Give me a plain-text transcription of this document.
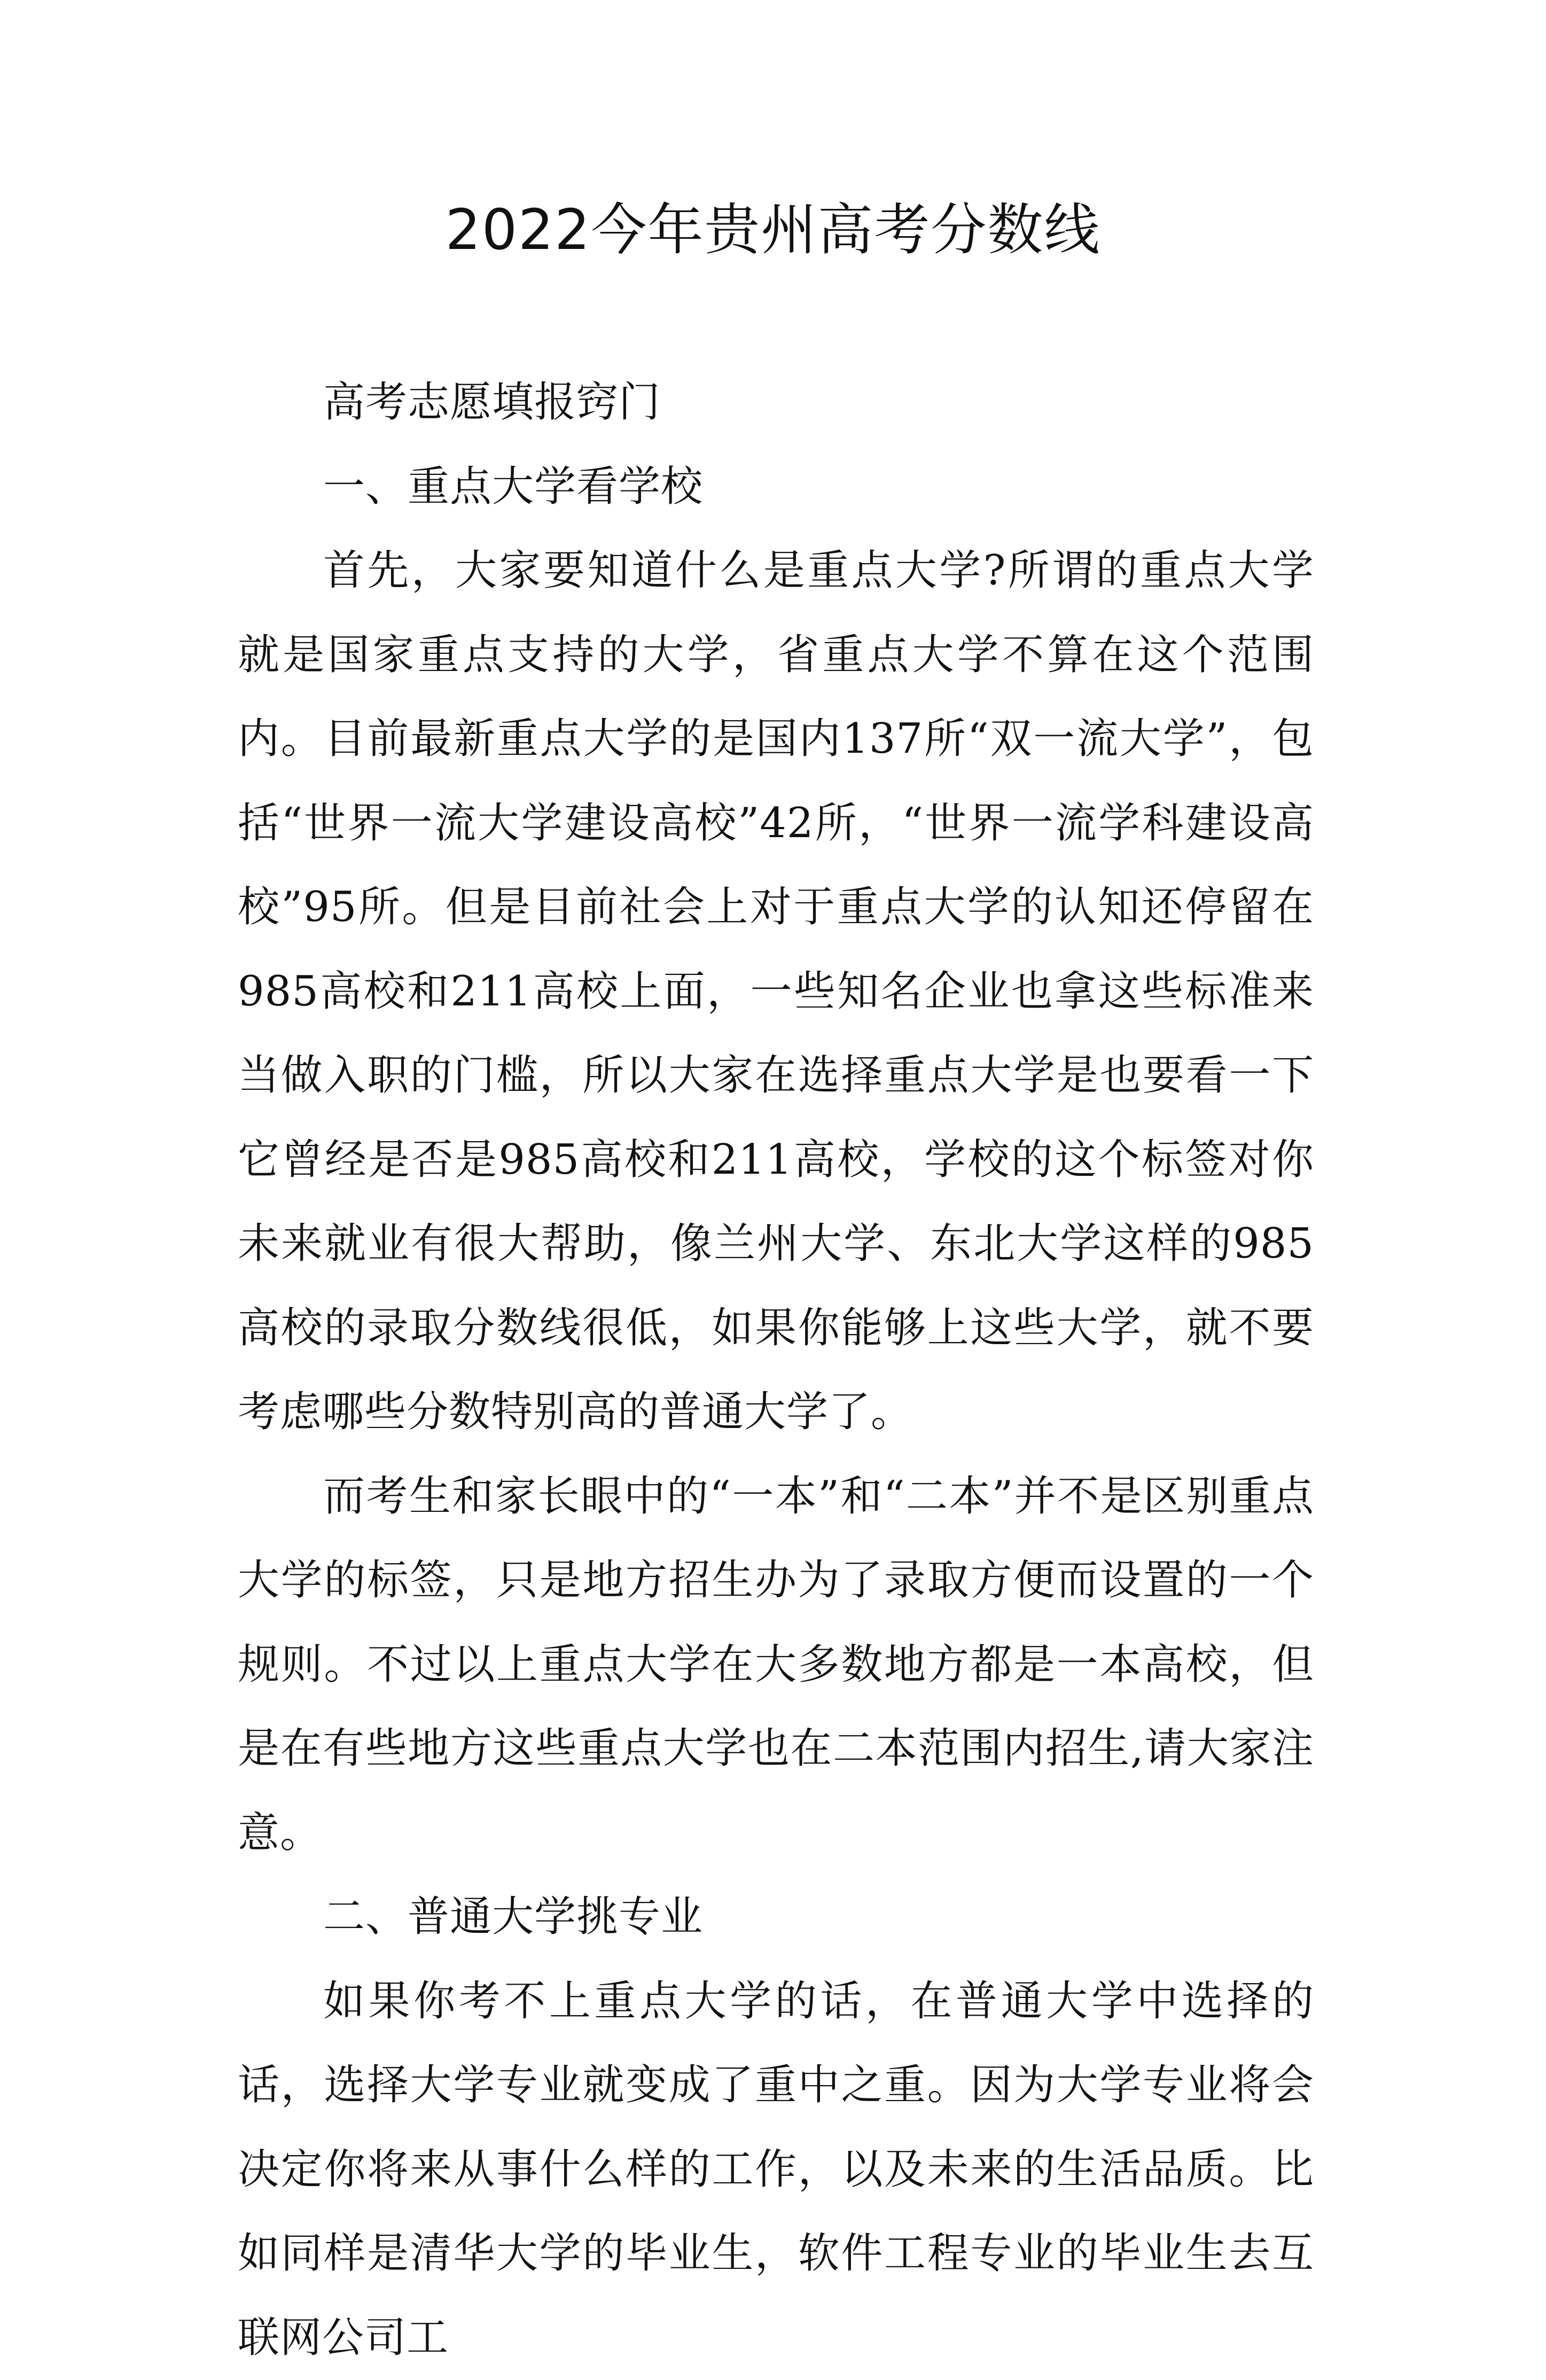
2022今年贵州高考分数线

高考志愿填报窍门

一、重点大学看学校

首先，大家要知道什么是重点大学?所谓的重点大学就是国家重点支持的大学，省重点大学不算在这个范围内。目前最新重点大学的是国内137所“双一流大学”，包括“世界一流大学建设高校”42所，“世界一流学科建设高校”95所。但是目前社会上对于重点大学的认知还停留在985高校和211高校上面，一些知名企业也拿这些标准来当做入职的门槛，所以大家在选择重点大学是也要看一下它曾经是否是985高校和211高校，学校的这个标签对你未来就业有很大帮助，像兰州大学、东北大学这样的985高校的录取分数线很低，如果你能够上这些大学，就不要考虑哪些分数特别高的普通大学了。

而考生和家长眼中的“一本”和“二本”并不是区别重点大学的标签，只是地方招生办为了录取方便而设置的一个规则。不过以上重点大学在大多数地方都是一本高校，但是在有些地方这些重点大学也在二本范围内招生,请大家注意。

二、普通大学挑专业

如果你考不上重点大学的话，在普通大学中选择的话，选择大学专业就变成了重中之重。因为大学专业将会决定你将来从事什么样的工作，以及未来的生活品质。比如同样是清华大学的毕业生，软件工程专业的毕业生去互联网公司工
